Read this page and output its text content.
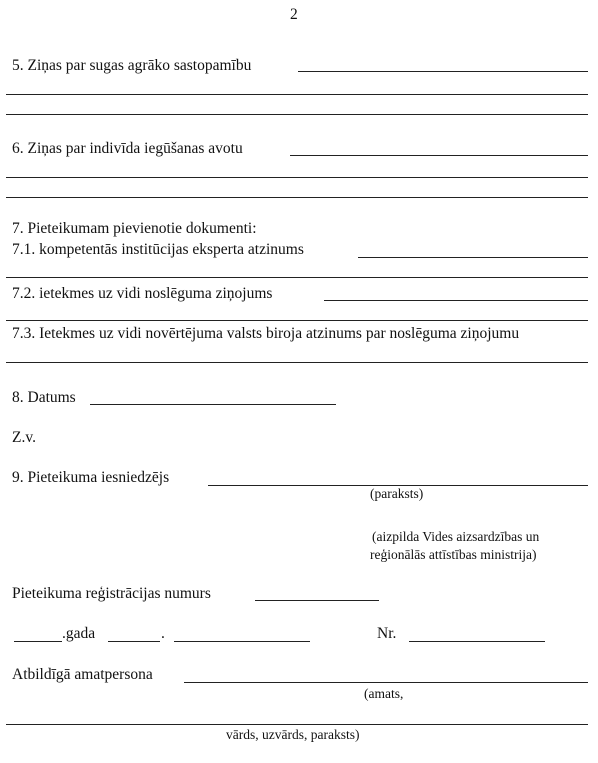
2
5. Ziņas par sugas agrāko sastopamību
6. Ziņas par indivīda iegūšanas avotu
7. Pieteikumam pievienotie dokumenti:
7.1. kompetentās institūcijas eksperta atzinums
7.2. ietekmes uz vidi noslēguma ziņojums
7.3. Ietekmes uz vidi novērtējuma valsts biroja atzinums par noslēguma ziņojumu
8. Datums
Z.v.
9. Pieteikuma iesniedzējs
(paraksts)
(aizpilda Vides aizsardzības un
reģionālās attīstības ministrija)
Pieteikuma reģistrācijas numurs
.gada	.	Nr.
Atbildīgā amatpersona
(amats,
vārds, uzvārds, paraksts)
